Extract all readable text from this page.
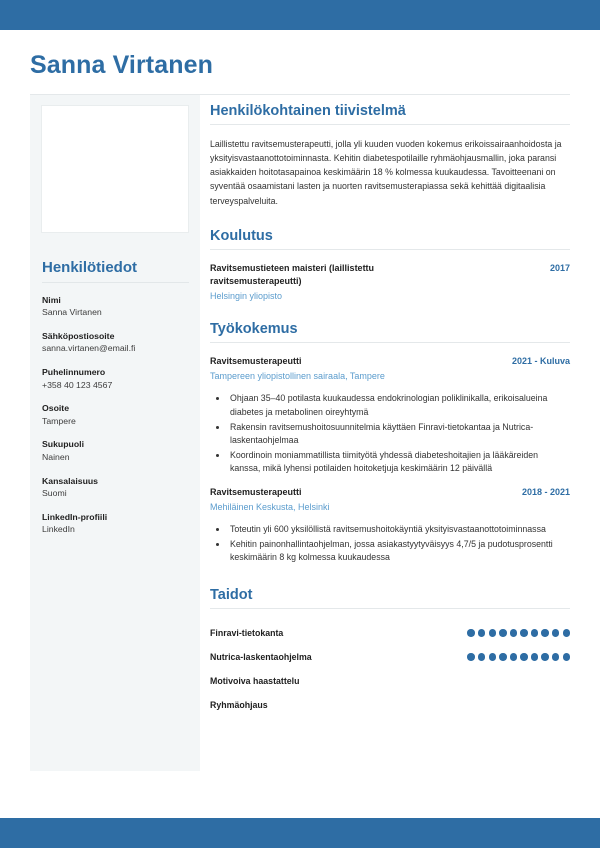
Sanna Virtanen
Henkilötiedot
Nimi
Sanna Virtanen
Sähköpostiosoite
sanna.virtanen@email.fi
Puhelinnumero
+358 40 123 4567
Osoite
Tampere
Sukupuoli
Nainen
Kansalaisuus
Suomi
LinkedIn-profiili
LinkedIn
Henkilökohtainen tiivistelmä

Laillistettu ravitsemusterapeutti, jolla yli kuuden vuoden kokemus erikoissairaanhoidosta ja yksityisvastaanottotoiminnasta. Kehitin diabetespotilaille ryhmäohjausmallin, joka paransi asiakkaiden hoitotasapainoa keskimäärin 18 % kolmessa kuukaudessa. Tavoitteenani on syventää osaamistani lasten ja nuorten ravitsemusterapiassa sekä kehittää digitaalisia terveyspalveluita.

Koulutus
Ravitsemustieteen maisteri (laillistettu ravitsemusterapeutti)
2017
Helsingin yliopisto
Työkokemus
Ravitsemusterapeutti	2021 - Kuluva
Tampereen yliopistollinen sairaala, Tampere
• Ohjaan 35–40 potilasta kuukaudessa endokrinologian poliklinikalla, erikoisalueina diabetes ja metabolinen oireyhtymä
• Rakensin ravitsemushoitosuunnitelmia käyttäen Finravi-tietokantaa ja Nutrica-laskentaohjelmaa
• Koordinoin moniammatillista tiimityötä yhdessä diabeteshoitajien ja lääkäreiden kanssa, mikä lyhensi potilaiden hoitoketjuja keskimäärin 12 päivällä
Ravitsemusterapeutti	2018 - 2021
Mehiläinen Keskusta, Helsinki
• Toteutin yli 600 yksilöllistä ravitsemushoitokäyntiä yksityisvastaanottotoiminnassa
• Kehitin painonhallintaohjelman, jossa asiakastyytyväisyys 4,7/5 ja pudotusprosentti keskimäärin 8 kg kolmessa kuukaudessa
Taidot
Finravi-tietokanta
Nutrica-laskentaohjelma
Motivoiva haastattelu
Ryhmäohjaus
